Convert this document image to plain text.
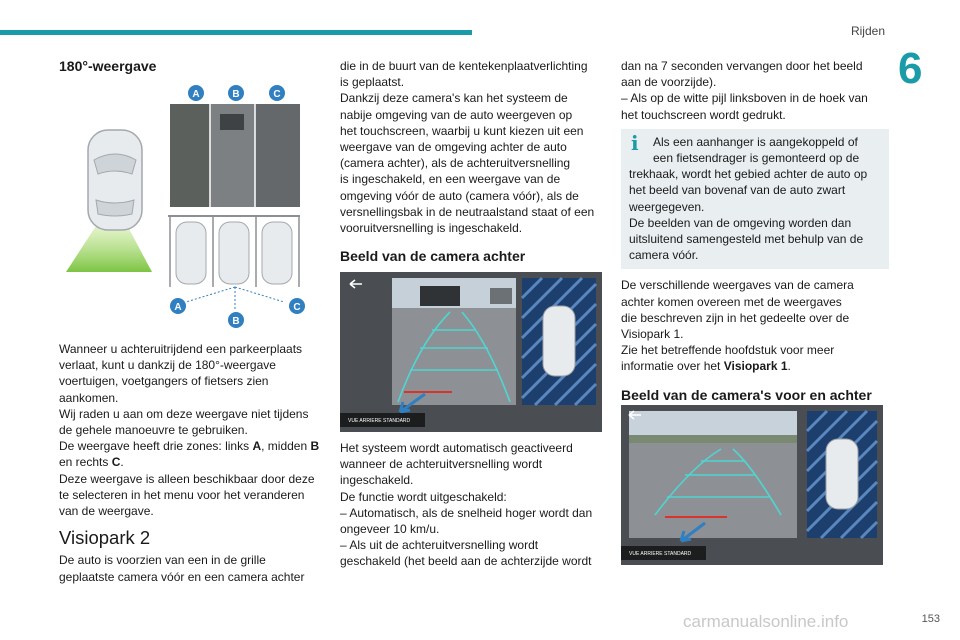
Rijden
6
180°-weergave
A	B	C
A
B
C

Wanneer u achteruitrijdend een parkeerplaats

verlaat, kunt u dankzij de 180°-weergave

voertuigen, voetgangers of fietsers zien

aankomen.

Wij raden u aan om deze weergave niet tijdens

de gehele manoeuvre te gebruiken.

De weergave heeft drie zones: links A, midden B

en rechts C.

Deze weergave is alleen beschikbaar door deze

te selecteren in het menu voor het veranderen

van de weergave.

Visiopark 2

De auto is voorzien van een in de grille

geplaatste camera vóór en een camera achter

die in de buurt van de kentekenplaatverlichting

is geplaatst.

Dankzij deze camera's kan het systeem de

nabije omgeving van de auto weergeven op

het touchscreen, waarbij u kunt kiezen uit een

weergave van de omgeving achter de auto

(camera achter), als de achteruitversnelling

is ingeschakeld, en een weergave van de

omgeving vóór de auto (camera vóór), als de

versnellingsbak in de neutraalstand staat of een

vooruitversnelling is ingeschakeld.

Beeld van de camera achter
VUE ARRIERE STANDARD

Het systeem wordt automatisch geactiveerd

wanneer de achteruitversnelling wordt

ingeschakeld.

De functie wordt uitgeschakeld:

– Automatisch, als de snelheid hoger wordt dan

ongeveer 10 km/u.

– Als uit de achteruitversnelling wordt

geschakeld (het beeld aan de achterzijde wordt

dan na 7 seconden vervangen door het beeld

aan de voorzijde).

– Als op de witte pijl linksboven in de hoek van

het touchscreen wordt gedrukt.

i	Als een aanhanger is aangekoppeld of

een fietsendrager is gemonteerd op de

trekhaak, wordt het gebied achter de auto op

het beeld van bovenaf van de auto zwart

weergegeven.

De beelden van de omgeving worden dan

uitsluitend samengesteld met behulp van de

camera vóór.

De verschillende weergaves van de camera

achter komen overeen met de weergaves

die beschreven zijn in het gedeelte over de

Visiopark 1.

Zie het betreffende hoofdstuk voor meer

informatie over het Visiopark 1.

Beeld van de camera's voor en achter
VUE ARRIERE STANDARD
carmanualsonline.info	153
